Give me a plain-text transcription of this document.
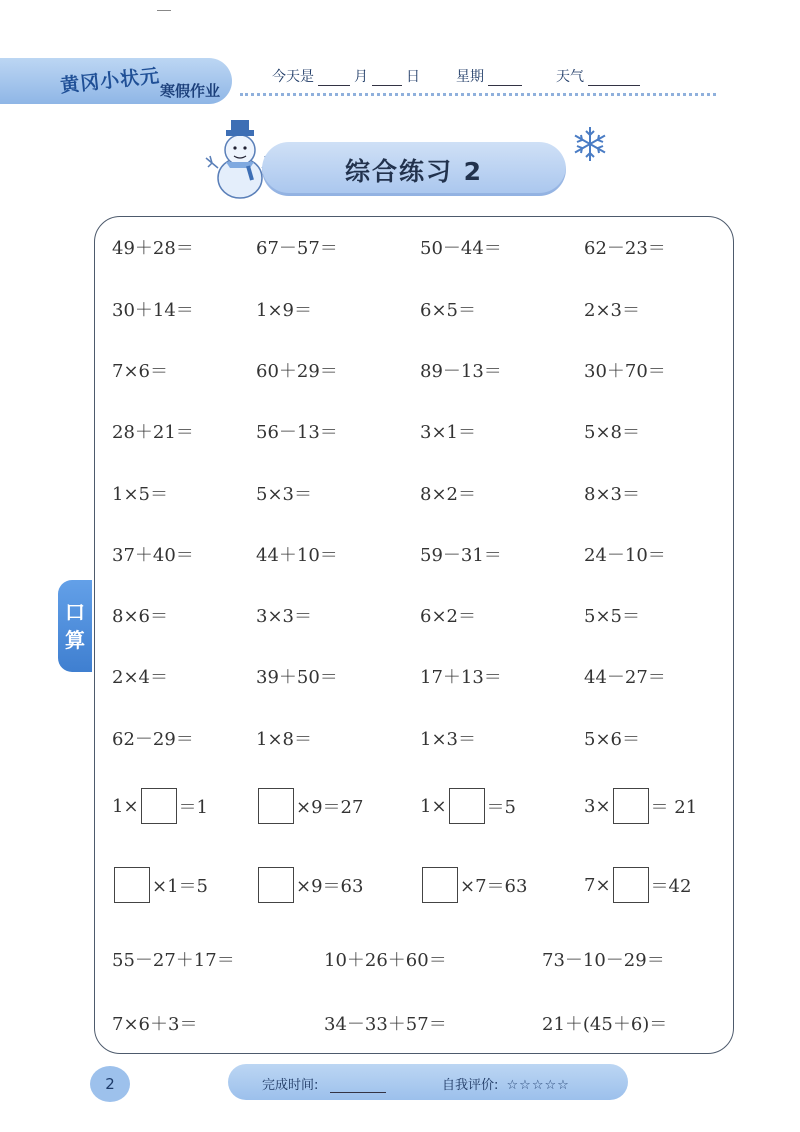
黄冈小状元
寒假作业
今天是	月	日	星期	天气
综合练习 2
口
算
49＋28＝	67－57＝	50－44＝	62－23＝
30＋14＝	1×9＝	6×5＝	2×3＝
7×6＝	60＋29＝	89－13＝	30＋70＝
28＋21＝	56－13＝	3×1＝	5×8＝
1×5＝	5×3＝	8×2＝	8×3＝
37＋40＝	44＋10＝	59－31＝	24－10＝
8×6＝	3×3＝	6×2＝	5×5＝
2×4＝	39＋50＝	17＋13＝	44－27＝
62－29＝	1×8＝	1×3＝	5×6＝
1× ＝1	×9＝27	1× ＝5	3× ＝ 21
×1＝5	×9＝63	×7＝63	7× ＝42
55－27＋17＝	10＋26＋60＝	73－10－29＝
7×6＋3＝	34－33＋57＝	21＋(45＋6)＝
2	完成时间:	自我评价: ☆☆☆☆☆
